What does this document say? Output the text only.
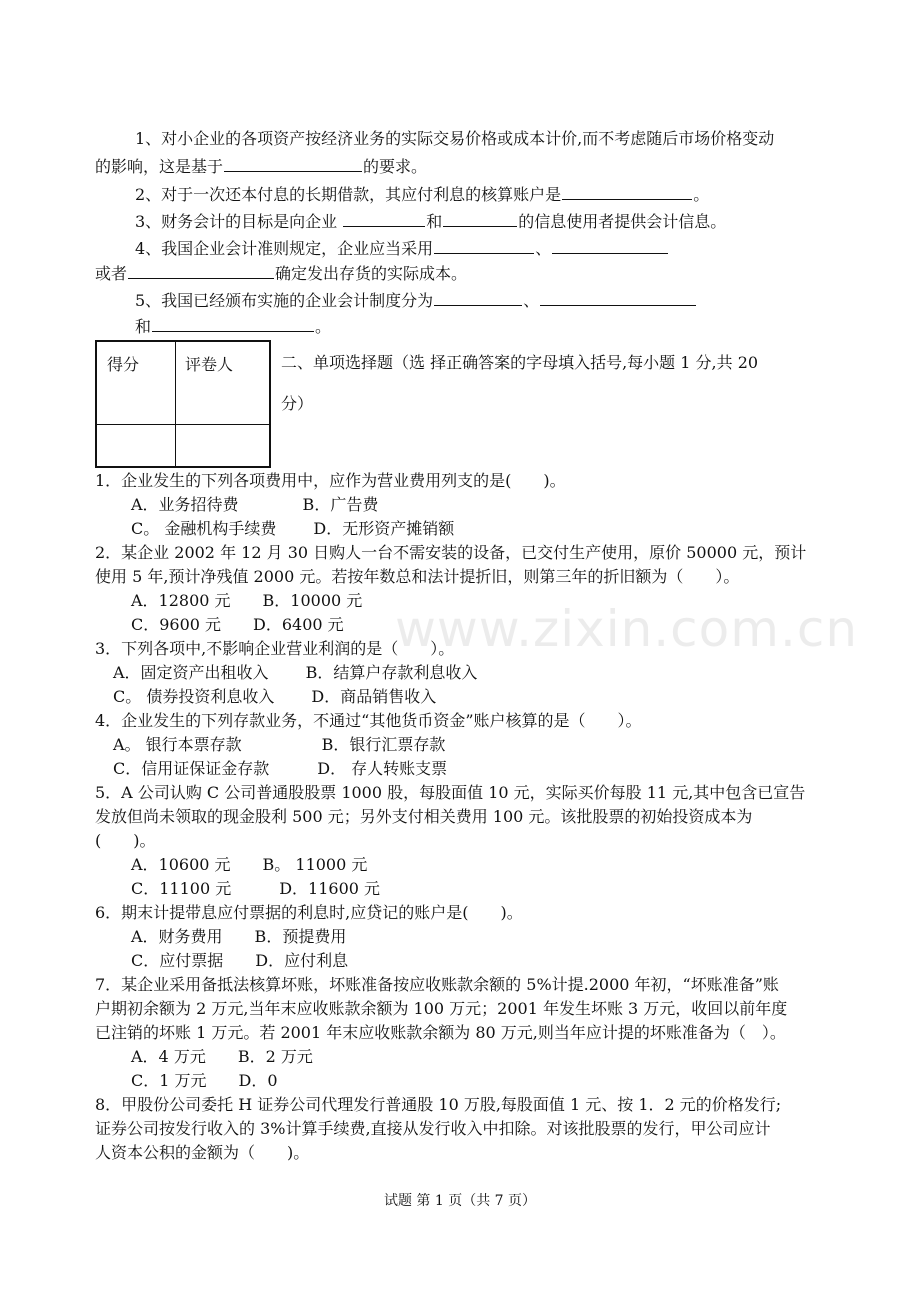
www.zixin.com.cn
1、对小企业的各项资产按经济业务的实际交易价格或成本计价,而不考虑随后市场价格变动
的影响，这是基于	的要求。
2、对于一次还本付息的长期借款，其应付利息的核算账户是	。
3、财务会计的目标是向企业	和	的信息使用者提供会计信息。
4、我国企业会计准则规定，企业应当采用	、
或者	确定发出存货的实际成本。
5、我国已经颁布实施的企业会计制度分为	、
和	。
得分	评卷人	二、单项选择题（选 择正确答案的字母填入括号,每小题 1 分,共 20
分）
1．企业发生的下列各项费用中，应作为营业费用列支的是(　　)。
A．业务招待费　　　　B．广告费
C。 金融机构手续费　　 D．无形资产摊销额
2．某企业 2002 年 12 月 30 日购人一台不需安装的设备，已交付生产使用，原价 50000 元，预计
使用 5 年,预计净残值 2000 元。若按年数总和法计提折旧，则第三年的折旧额为（　　）。
A．12800 元　　B．10000 元
C．9600 元　　D．6400 元
3．下列各项中,不影响企业营业利润的是（　　）。
A．固定资产出租收入　　 B．结算户存款利息收入
C。 债券投资利息收入　　 D．商品销售收入
4．企业发生的下列存款业务，不通过“其他货币资金”账户核算的是（　　）。
A。 银行本票存款　　　　　B．银行汇票存款
C．信用证保证金存款　　　D． 存人转账支票
5．A 公司认购 C 公司普通股股票 1000 股，每股面值 10 元，实际买价每股 11 元,其中包含已宣告
发放但尚未领取的现金股利 500 元；另外支付相关费用 100 元。该批股票的初始投资成本为
(　　)。
A．10600 元　　B。 11000 元
C．11100 元　　　D．11600 元
6．期末计提带息应付票据的利息时,应贷记的账户是(　　)。
A．财务费用　　B．预提费用
C．应付票据　　D．应付利息
7．某企业采用备抵法核算坏账，坏账准备按应收账款余额的 5%计提.2000 年初，“坏账准备”账
户期初余额为 2 万元,当年末应收账款余额为 100 万元；2001 年发生坏账 3 万元，收回以前年度
已注销的坏账 1 万元。若 2001 年末应收账款余额为 80 万元,则当年应计提的坏账准备为（　）。
A．4 万元　　B．2 万元
C．1 万元　　D．0
8．甲股份公司委托 H 证券公司代理发行普通股 10 万股,每股面值 1 元、按 1．2 元的价格发行;
证券公司按发行收入的 3%计算手续费,直接从发行收入中扣除。对该批股票的发行，甲公司应计
人资本公积的金额为（　　)。
试题 第 1 页（共 7 页）
